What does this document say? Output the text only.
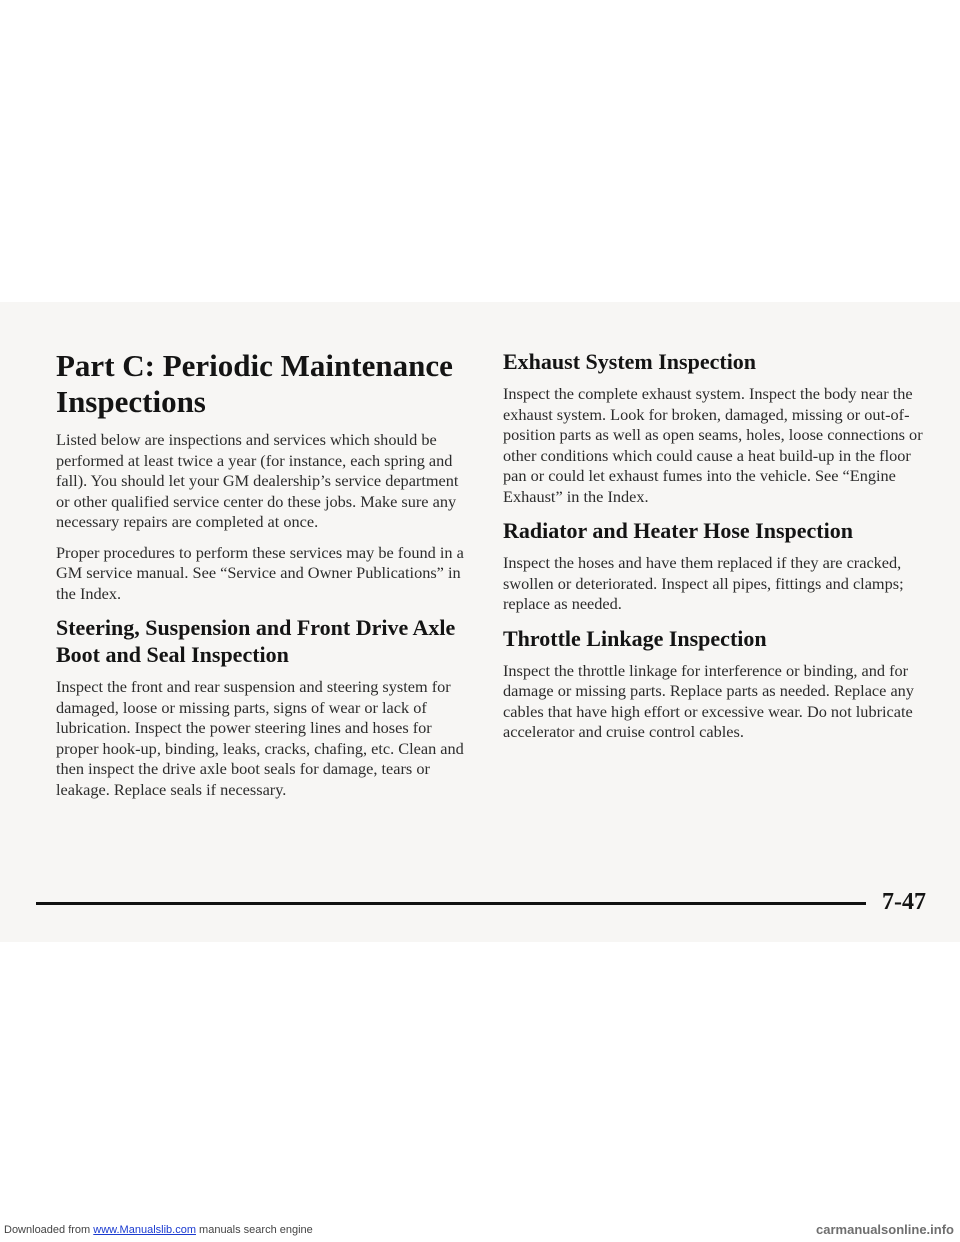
Part C: Periodic Maintenance Inspections

Listed below are inspections and services which should be performed at least twice a year (for instance, each spring and fall). You should let your GM dealership’s service department or other qualified service center do these jobs. Make sure any necessary repairs are completed at once.

Proper procedures to perform these services may be found in a GM service manual. See “Service and Owner Publications” in the Index.

Steering, Suspension and Front Drive Axle Boot and Seal Inspection

Inspect the front and rear suspension and steering system for damaged, loose or missing parts, signs of wear or lack of lubrication. Inspect the power steering lines and hoses for proper hook-up, binding, leaks, cracks, chafing, etc. Clean and then inspect the drive axle boot seals for damage, tears or leakage. Replace seals if necessary.

Exhaust System Inspection

Inspect the complete exhaust system. Inspect the body near the exhaust system. Look for broken, damaged, missing or out-of-position parts as well as open seams, holes, loose connections or other conditions which could cause a heat build-up in the floor pan or could let exhaust fumes into the vehicle. See “Engine Exhaust” in the Index.

Radiator and Heater Hose Inspection

Inspect the hoses and have them replaced if they are cracked, swollen or deteriorated. Inspect all pipes, fittings and clamps; replace as needed.

Throttle Linkage Inspection

Inspect the throttle linkage for interference or binding, and for damage or missing parts. Replace parts as needed. Replace any cables that have high effort or excessive wear. Do not lubricate accelerator and cruise control cables.

7-47
Downloaded from www.Manualslib.com manuals search engine	carmanualsonline.info
